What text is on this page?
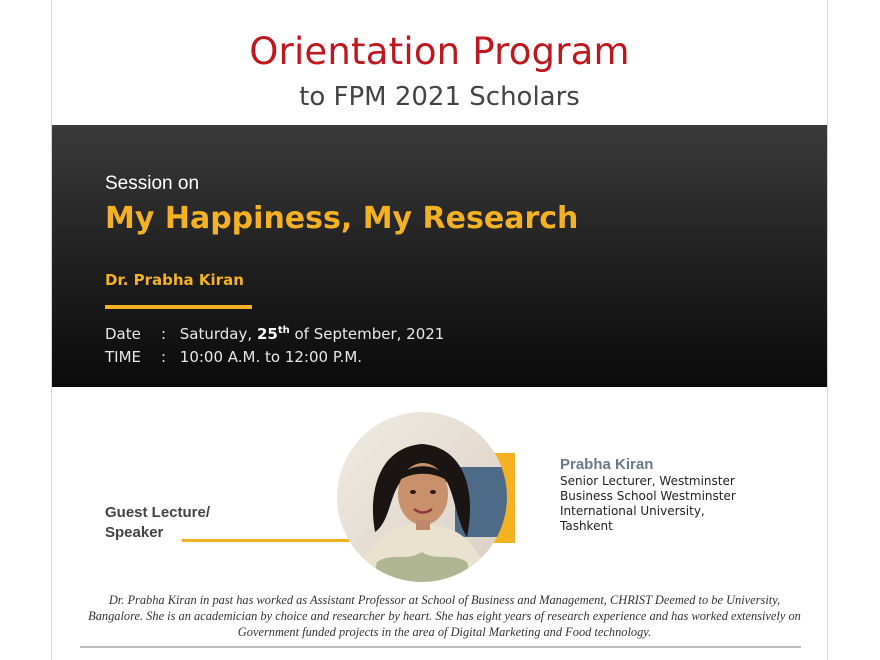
Orientation Program
to FPM 2021 Scholars
Session on
My Happiness, My Research
Dr. Prabha Kiran
Date : Saturday, 25th of September, 2021
TIME : 10:00 A.M. to 12:00 P.M.
Guest Lecture/
Speaker
Prabha Kiran
Senior Lecturer, Westminster
Business School Westminster
International University,
Tashkent
Dr. Prabha Kiran in past has worked as Assistant Professor at School of Business and Management, CHRIST Deemed to be University, Bangalore. She is an academician by choice and researcher by heart. She has eight years of research experience and has worked extensively on Government funded projects in the area of Digital Marketing and Food technology.
